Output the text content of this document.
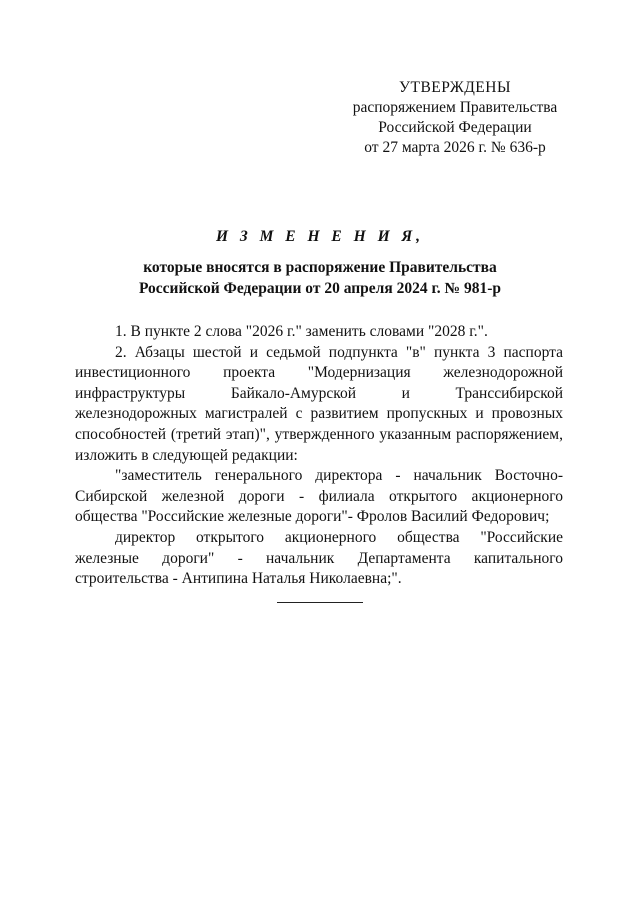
УТВЕРЖДЕНЫ
распоряжением Правительства
Российской Федерации
от 27 марта 2026 г. № 636-р
И З М Е Н Е Н И Я,
которые вносятся в распоряжение Правительства
Российской Федерации от 20 апреля 2024 г. № 981-р

1. В пункте 2 слова "2026 г." заменить словами "2028 г.".

2. Абзацы шестой и седьмой подпункта "в" пункта 3 паспорта инвестиционного проекта "Модернизация железнодорожной инфраструктуры Байкало-Амурской и Транссибирской железнодорожных магистралей с развитием пропускных и провозных способностей (третий этап)", утвержденного указанным распоряжением, изложить в следующей редакции:

"заместитель генерального директора - начальник Восточно-Сибирской железной дороги - филиала открытого акционерного общества "Российские железные дороги"- Фролов Василий Федорович;

директор открытого акционерного общества "Российские железные дороги" - начальник Департамента капитального строительства - Антипина Наталья Николаевна;".
